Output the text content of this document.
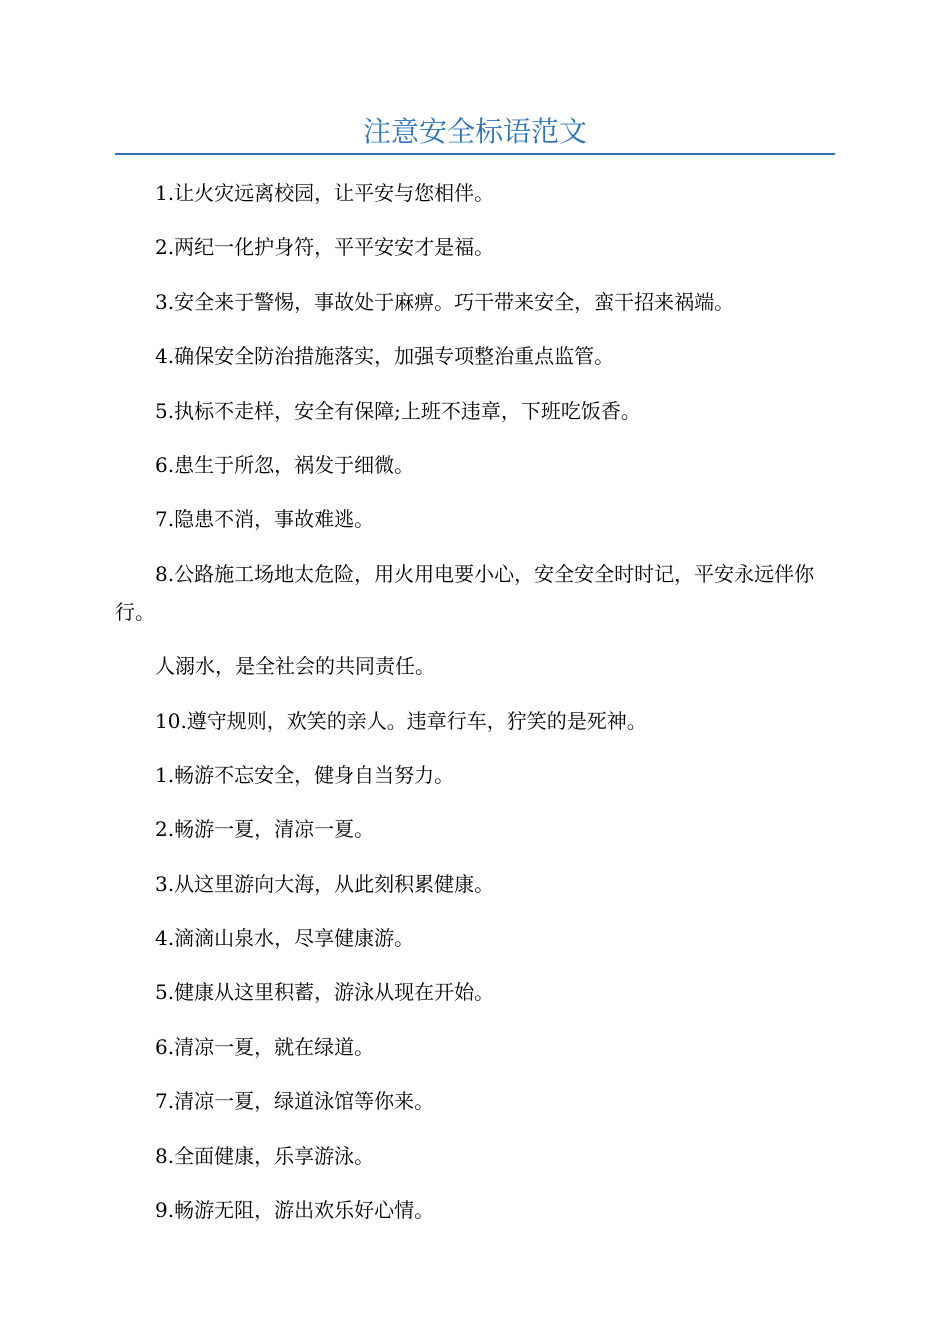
注意安全标语范文

1.让火灾远离校园，让平安与您相伴。

2.两纪一化护身符，平平安安才是福。

3.安全来于警惕，事故处于麻痹。巧干带来安全，蛮干招来祸端。

4.确保安全防治措施落实，加强专项整治重点监管。

5.执标不走样，安全有保障;上班不违章，下班吃饭香。

6.患生于所忽，祸发于细微。

7.隐患不消，事故难逃。

8.公路施工场地太危险，用火用电要小心，安全安全时时记，平安永远伴你行。

人溺水，是全社会的共同责任。

10.遵守规则，欢笑的亲人。违章行车，狞笑的是死神。

1.畅游不忘安全，健身自当努力。

2.畅游一夏，清凉一夏。

3.从这里游向大海，从此刻积累健康。

4.滴滴山泉水，尽享健康游。

5.健康从这里积蓄，游泳从现在开始。

6.清凉一夏，就在绿道。

7.清凉一夏，绿道泳馆等你来。

8.全面健康，乐享游泳。

9.畅游无阻，游出欢乐好心情。
